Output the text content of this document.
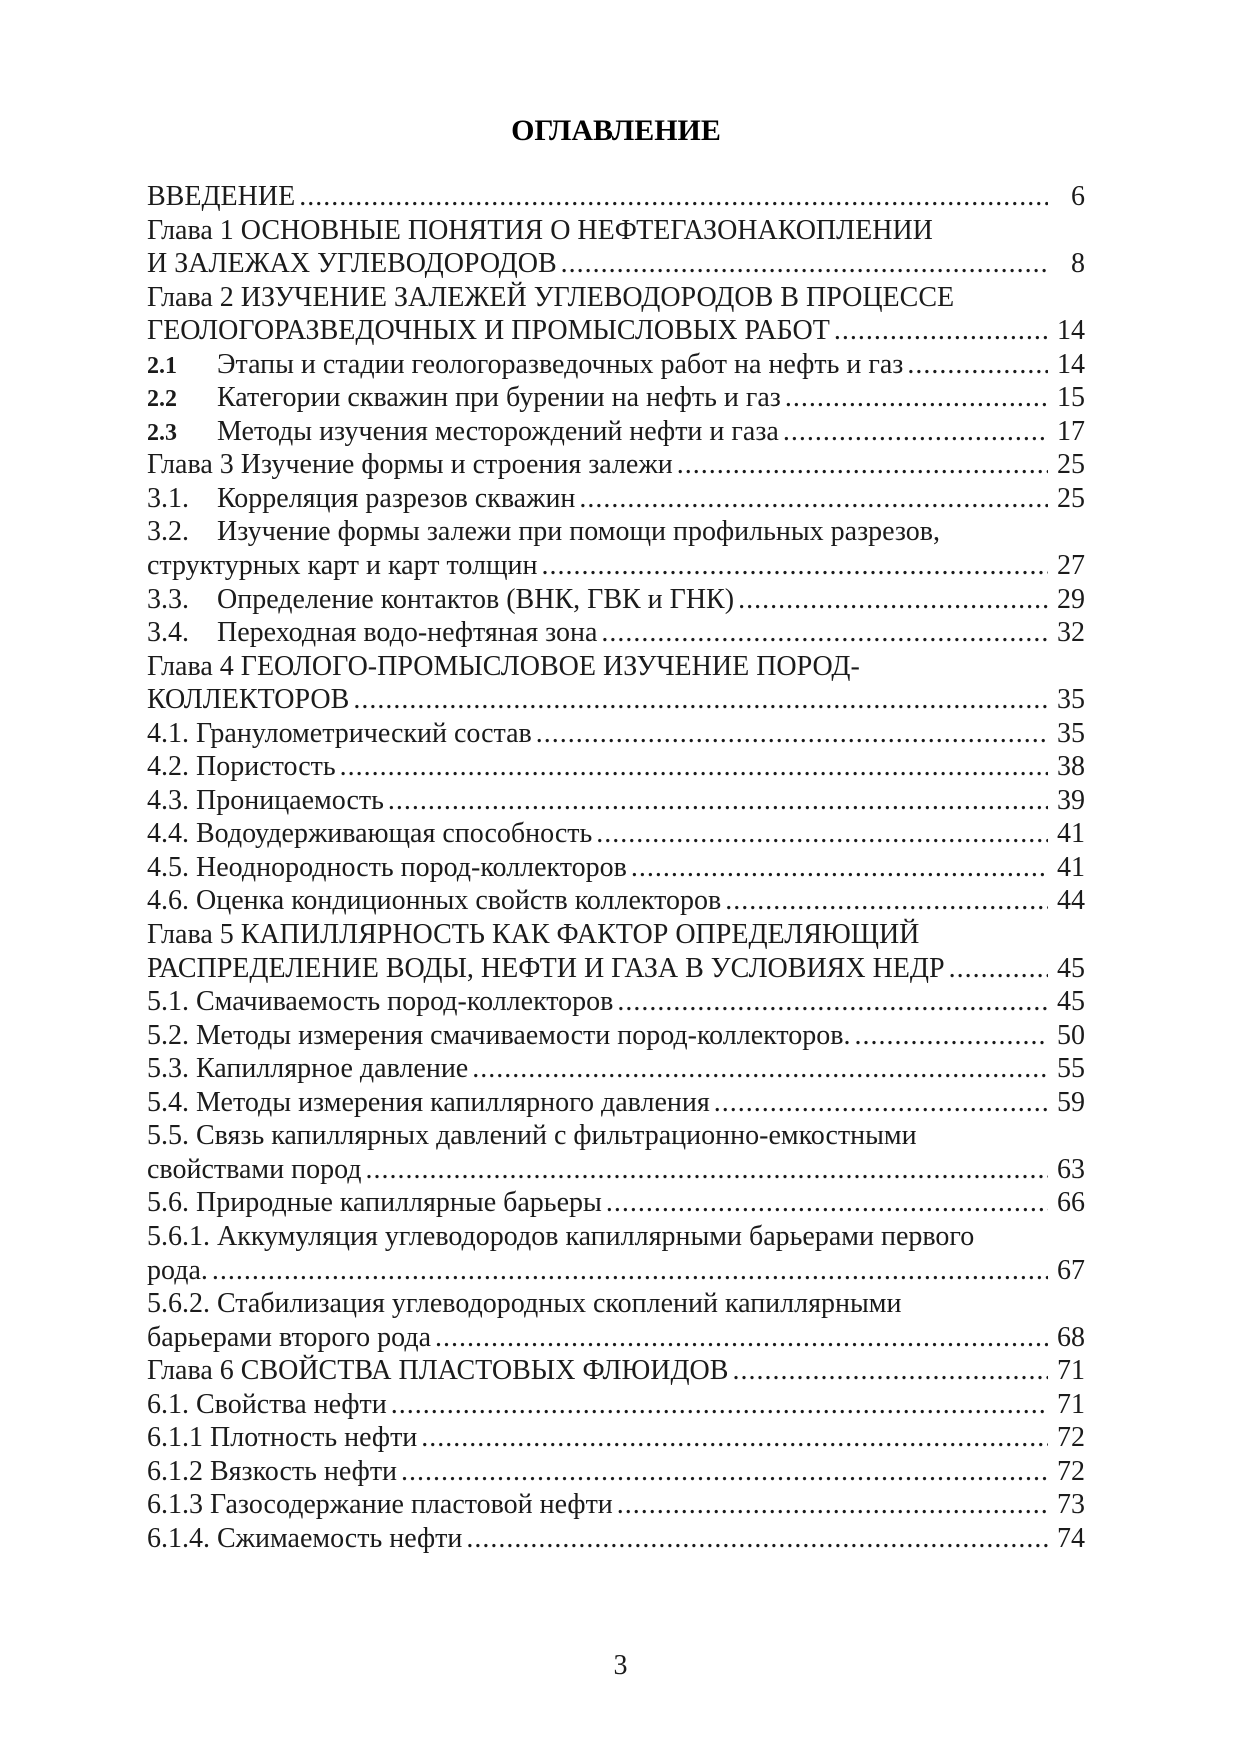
ОГЛАВЛЕНИЕ
ВВЕДЕНИЕ .....	6
Глава 1 ОСНОВНЫЕ ПОНЯТИЯ О НЕФТЕГАЗОНАКОПЛЕНИИ
И ЗАЛЕЖАХ УГЛЕВОДОРОДОВ .....	8
Глава 2 ИЗУЧЕНИЕ ЗАЛЕЖЕЙ УГЛЕВОДОРОДОВ В ПРОЦЕССЕ
ГЕОЛОГОРАЗВЕДОЧНЫХ И ПРОМЫСЛОВЫХ РАБОТ .....	14
2.1	Этапы и стадии геологоразведочных работ на нефть и газ .....	14
2.2	Категории скважин при бурении на нефть и газ .....	15
2.3	Методы изучения месторождений нефти и газа .....	17
Глава 3 Изучение формы и строения залежи .....	25
3.1.	Корреляция разрезов скважин .....	25
3.2.	Изучение формы залежи при помощи профильных разрезов,
структурных карт и карт толщин .....	27
3.3.	Определение контактов (ВНК, ГВК и ГНК) .....	29
3.4.	Переходная водо-нефтяная зона .....	32
Глава 4 ГЕОЛОГО-ПРОМЫСЛОВОЕ ИЗУЧЕНИЕ ПОРОД-
КОЛЛЕКТОРОВ .....	35
4.1. Гранулометрический состав .....	35
4.2. Пористость .....	38
4.3. Проницаемость .....	39
4.4. Водоудерживающая способность .....	41
4.5. Неоднородность пород-коллекторов .....	41
4.6. Оценка кондиционных свойств коллекторов .....	44
Глава 5 КАПИЛЛЯРНОСТЬ КАК ФАКТОР ОПРЕДЕЛЯЮЩИЙ
РАСПРЕДЕЛЕНИЕ ВОДЫ, НЕФТИ И ГАЗА В УСЛОВИЯХ НЕДР .....	45
5.1. Смачиваемость пород-коллекторов .....	45
5.2. Методы измерения смачиваемости пород-коллекторов. .....	50
5.3. Капиллярное давление .....	55
5.4. Методы измерения капиллярного давления .....	59
5.5. Связь капиллярных давлений с фильтрационно-емкостными
свойствами пород .....	63
5.6. Природные капиллярные барьеры .....	66
5.6.1. Аккумуляция углеводородов капиллярными барьерами первого
рода. .....	67
5.6.2. Стабилизация углеводородных скоплений капиллярными
барьерами второго рода .....	68
Глава 6 СВОЙСТВА ПЛАСТОВЫХ ФЛЮИДОВ .....	71
6.1. Свойства нефти .....	71
6.1.1 Плотность нефти .....	72
6.1.2 Вязкость нефти .....	72
6.1.3 Газосодержание пластовой нефти .....	73
6.1.4. Сжимаемость нефти .....	74
3
